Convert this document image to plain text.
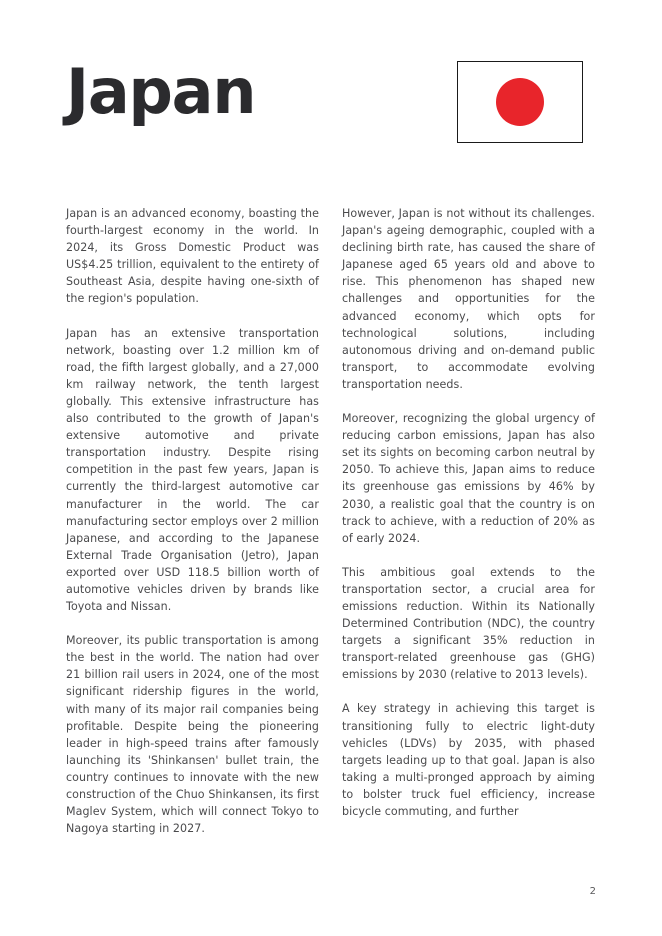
Japan

Japan is an advanced economy, boasting the fourth-largest economy in the world. In 2024, its Gross Domestic Product was US$4.25 trillion, equivalent to the entirety of Southeast Asia, despite having one-sixth of the region's population.

Japan has an extensive transportation network, boasting over 1.2 million km of road, the fifth largest globally, and a 27,000 km railway network, the tenth largest globally. This extensive infrastructure has also contributed to the growth of Japan's extensive automotive and private transportation industry. Despite rising competition in the past few years, Japan is currently the third-largest automotive car manufacturer in the world. The car manufacturing sector employs over 2 million Japanese, and according to the Japanese External Trade Organisation (Jetro), Japan exported over USD 118.5 billion worth of automotive vehicles driven by brands like Toyota and Nissan.

Moreover, its public transportation is among the best in the world. The nation had over 21 billion rail users in 2024, one of the most significant ridership figures in the world, with many of its major rail companies being profitable. Despite being the pioneering leader in high-speed trains after famously launching its 'Shinkansen' bullet train, the country continues to innovate with the new construction of the Chuo Shinkansen, its first Maglev System, which will connect Tokyo to Nagoya starting in 2027.

However, Japan is not without its challenges. Japan's ageing demographic, coupled with a declining birth rate, has caused the share of Japanese aged 65 years old and above to rise. This phenomenon has shaped new challenges and opportunities for the advanced economy, which opts for technological solutions, including autonomous driving and on-demand public transport, to accommodate evolving transportation needs.

Moreover, recognizing the global urgency of reducing carbon emissions, Japan has also set its sights on becoming carbon neutral by 2050. To achieve this, Japan aims to reduce its greenhouse gas emissions by 46% by 2030, a realistic goal that the country is on track to achieve, with a reduction of 20% as of early 2024.

This ambitious goal extends to the transportation sector, a crucial area for emissions reduction. Within its Nationally Determined Contribution (NDC), the country targets a significant 35% reduction in transport-related greenhouse gas (GHG) emissions by 2030 (relative to 2013 levels).

A key strategy in achieving this target is transitioning fully to electric light-duty vehicles (LDVs) by 2035, with phased targets leading up to that goal. Japan is also taking a multi-pronged approach by aiming to bolster truck fuel efficiency, increase bicycle commuting, and further

2
